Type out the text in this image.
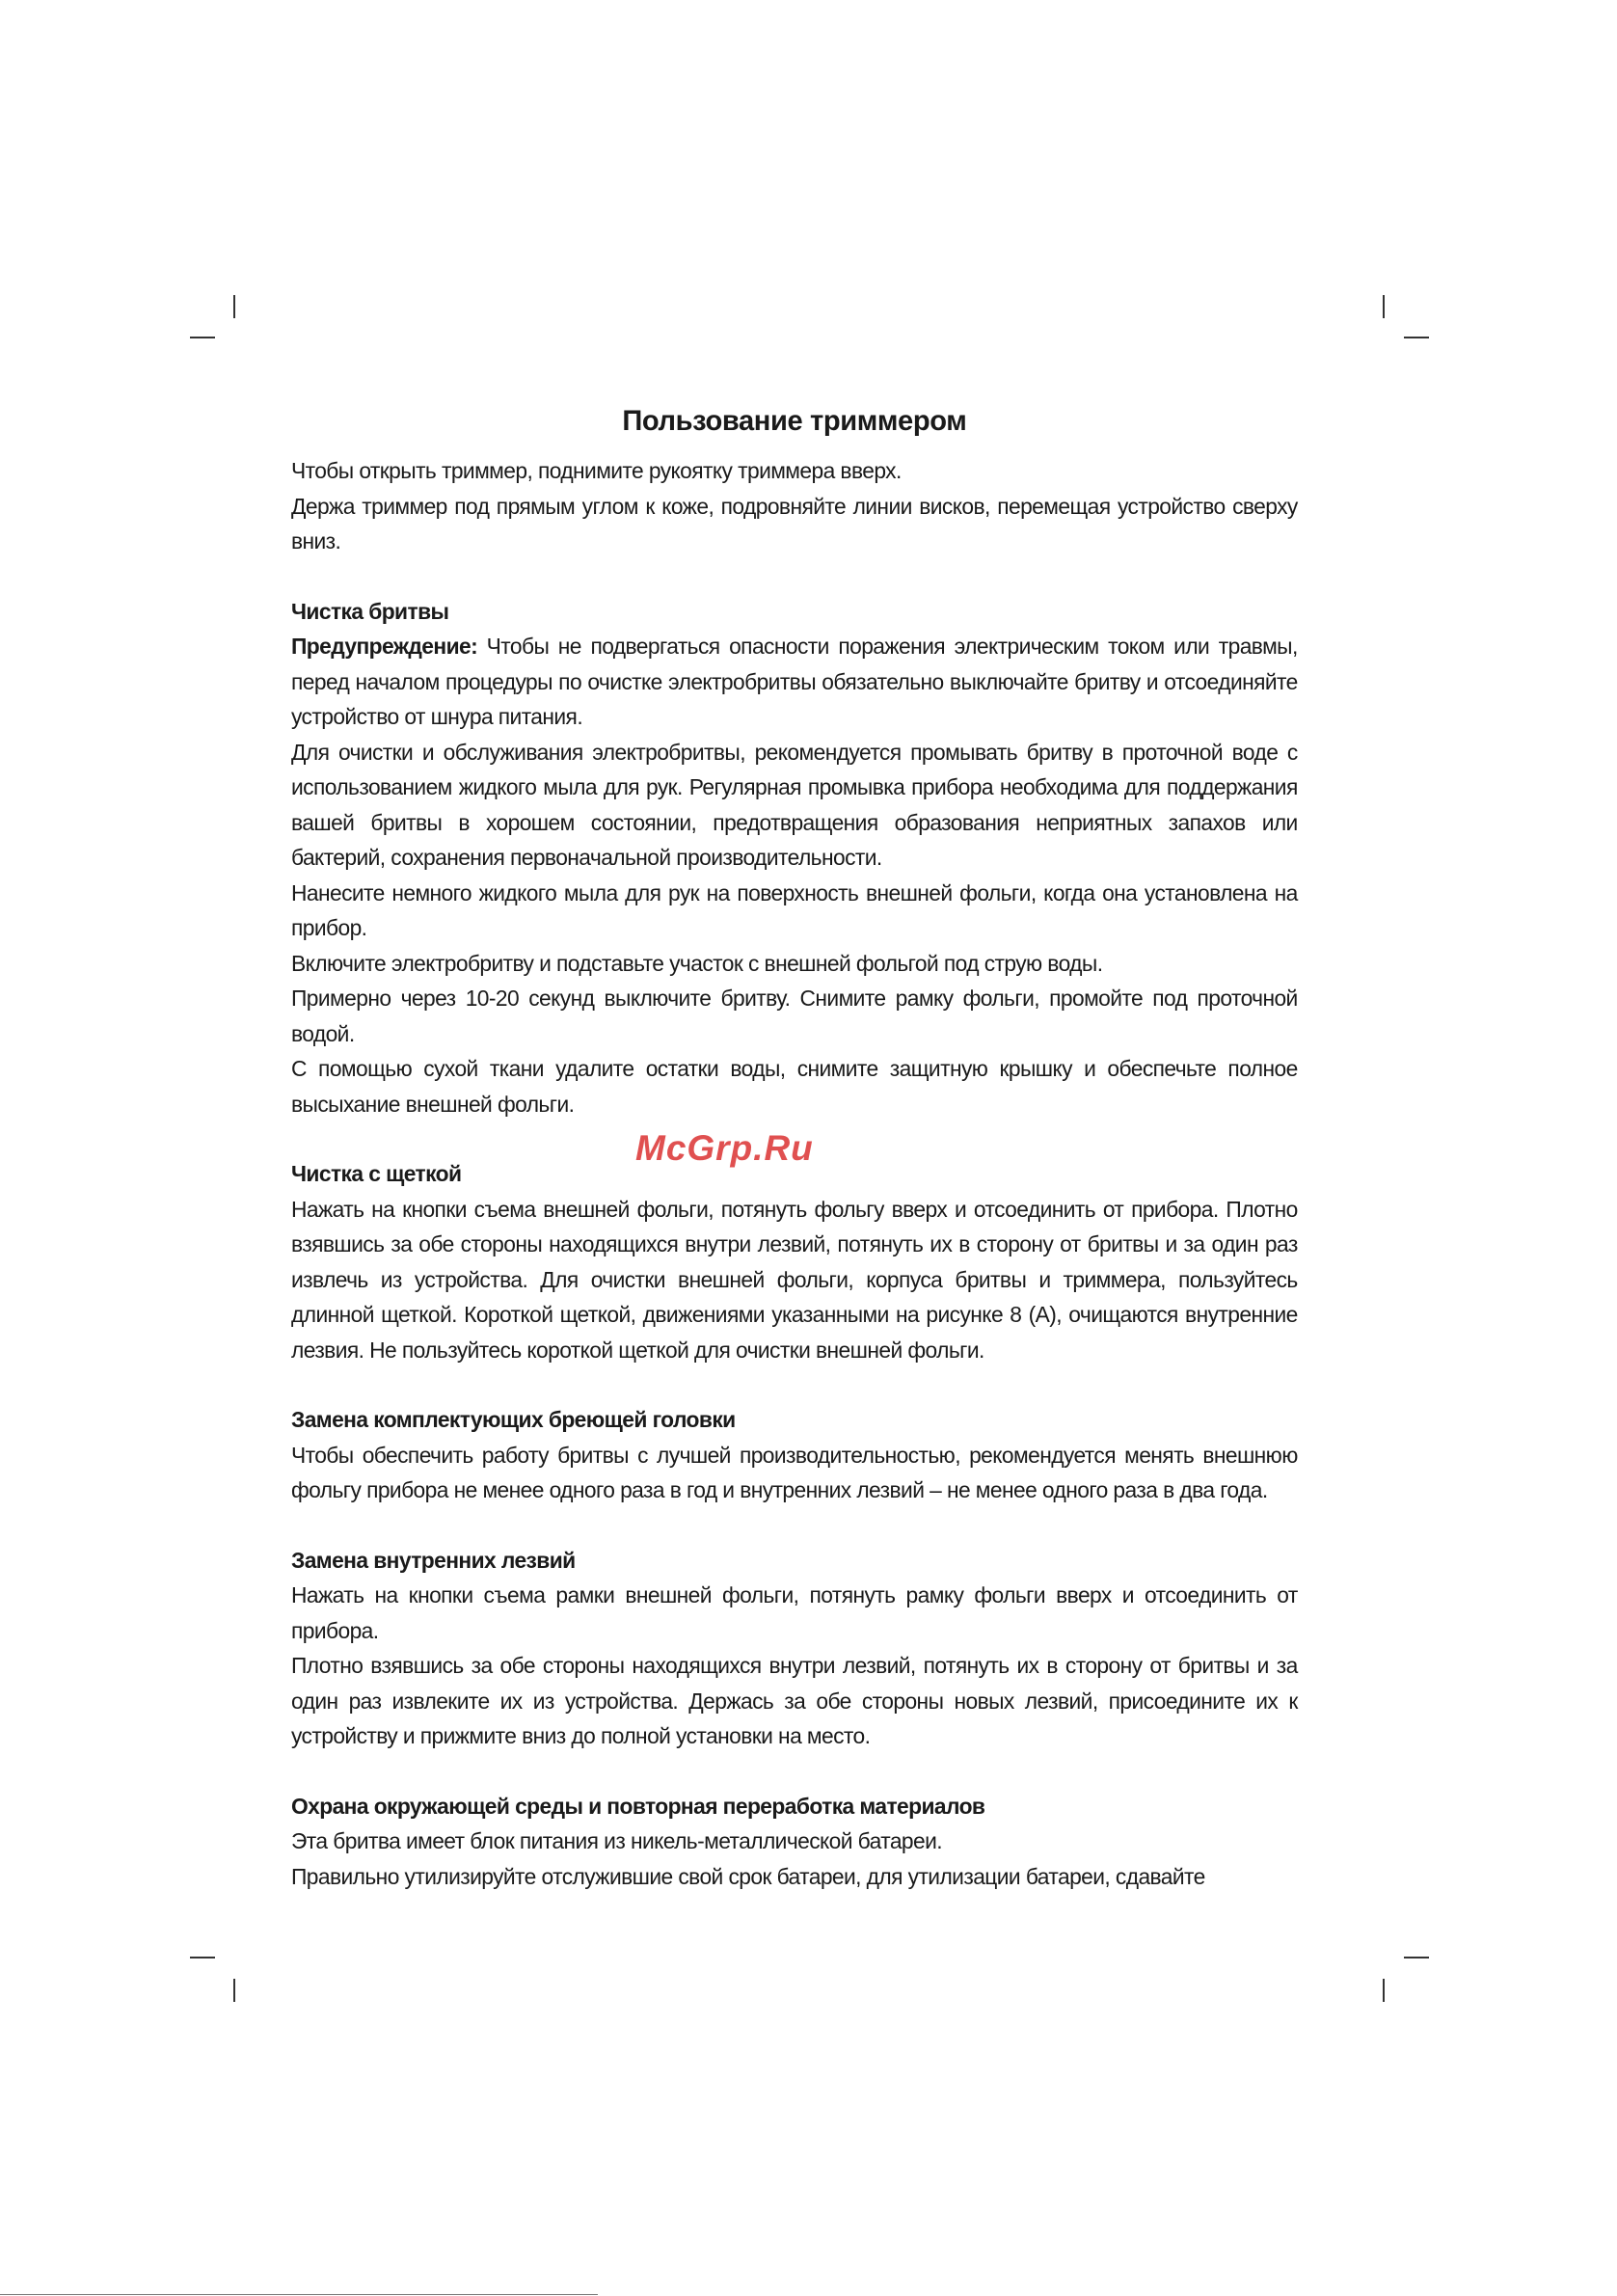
Пользование триммером

Чтобы открыть триммер, поднимите рукоятку триммера вверх.

Держа триммер под прямым углом к коже, подровняйте линии висков, перемещая устройство сверху вниз.

Чистка бритвы

Предупреждение: Чтобы не подвергаться опасности поражения электрическим током или травмы, перед началом процедуры по очистке электробритвы обязательно выключайте бритву и отсоединяйте устройство от шнура питания.

Для очистки и обслуживания электробритвы, рекомендуется промывать бритву в проточной воде с использованием жидкого мыла для рук. Регулярная промывка прибора необходима для поддержания вашей бритвы в хорошем состоянии, предотвращения образования неприятных запахов или бактерий, сохранения первоначальной производительности.

Нанесите немного жидкого мыла для рук на поверхность внешней фольги, когда она установлена на прибор.

Включите электробритву и подставьте участок с внешней фольгой под струю воды.

Примерно через 10-20 секунд выключите бритву. Снимите рамку фольги, промойте под проточной водой.

С помощью сухой ткани удалите остатки воды, снимите защитную крышку и обеспечьте полное высыхание внешней фольги.

Чистка с щеткой

Нажать на кнопки съема внешней фольги, потянуть фольгу вверх и отсоединить от прибора. Плотно взявшись за обе стороны находящихся внутри лезвий, потянуть их в сторону от бритвы и за один раз извлечь из устройства. Для очистки внешней фольги, корпуса бритвы и триммера, пользуйтесь длинной щеткой. Короткой щеткой, движениями указанными на рисунке 8 (А), очищаются внутренние лезвия. Не пользуйтесь короткой щеткой для очистки внешней фольги.

Замена комплектующих бреющей головки

Чтобы обеспечить работу бритвы с лучшей производительностью, рекомендуется менять внешнюю фольгу прибора не менее одного раза в год и внутренних лезвий – не менее одного раза в два года.

Замена внутренних лезвий

Нажать на кнопки съема рамки внешней фольги, потянуть рамку фольги вверх и отсоединить от прибора.

Плотно взявшись за обе стороны находящихся внутри лезвий, потянуть их в сторону от бритвы и за один раз извлеките их из устройства. Держась за обе стороны новых лезвий, присоедините их к устройству и прижмите вниз до полной установки на место.

Охрана окружающей среды и повторная переработка материалов

Эта бритва имеет блок питания из никель-металлической батареи.

Правильно утилизируйте отслужившие свой срок батареи, для утилизации батареи, сдавайте

McGrp.Ru
